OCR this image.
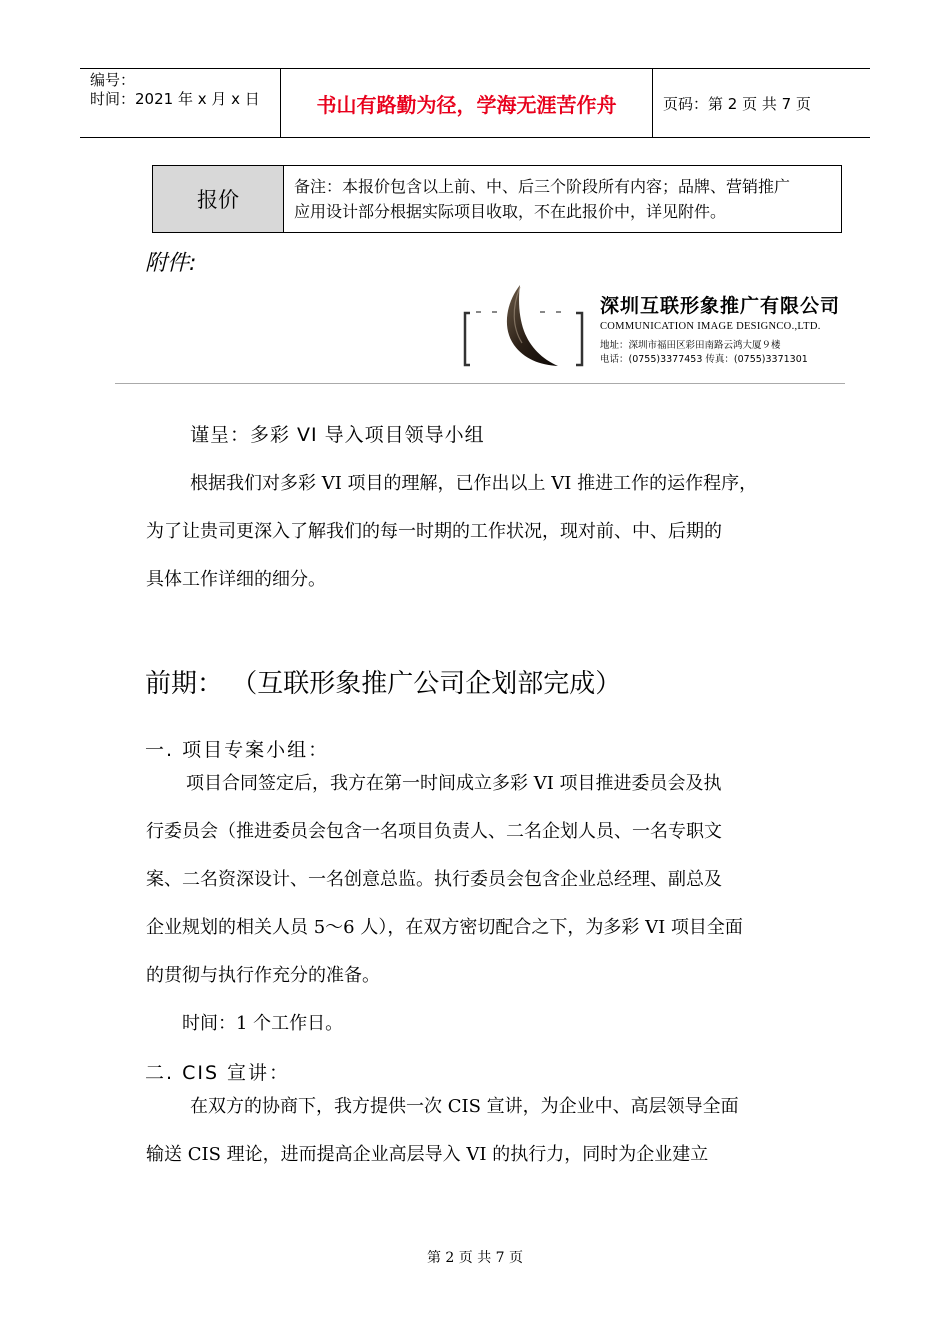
编号：
时间：2021 年 x 月 x 日	书山有路勤为径，学海无涯苦作舟	页码：第 2 页 共 7 页
报价
备注：本报价包含以上前、中、后三个阶段所有内容；品牌、营销推广
应用设计部分根据实际项目收取，不在此报价中，详见附件。
附件:
深圳互联形象推广有限公司
COMMUNICATION IMAGE DESIGNCO.,LTD.
地址：深圳市福田区彩田南路云鸿大厦９楼
电话：(0755)3377453 传真：(0755)3371301
谨呈：多彩 VI 导入项目领导小组

根据我们对多彩 VI 项目的理解，已作出以上 VI 推进工作的运作程序，

为了让贵司更深入了解我们的每一时期的工作状况，现对前、中、后期的

具体工作详细的细分。

前期： （互联形象推广公司企划部完成）
一. 项目专案小组：

项目合同签定后，我方在第一时间成立多彩 VI 项目推进委员会及执

行委员会（推进委员会包含一名项目负责人、二名企划人员、一名专职文

案、二名资深设计、一名创意总监。执行委员会包含企业总经理、副总及

企业规划的相关人员 5～6 人），在双方密切配合之下，为多彩 VI 项目全面

的贯彻与执行作充分的准备。

时间：1 个工作日。
二. CIS 宣讲：

在双方的协商下，我方提供一次 CIS 宣讲，为企业中、高层领导全面

输送 CIS 理论，进而提高企业高层导入 VI 的执行力，同时为企业建立

第 2 页 共 7 页
